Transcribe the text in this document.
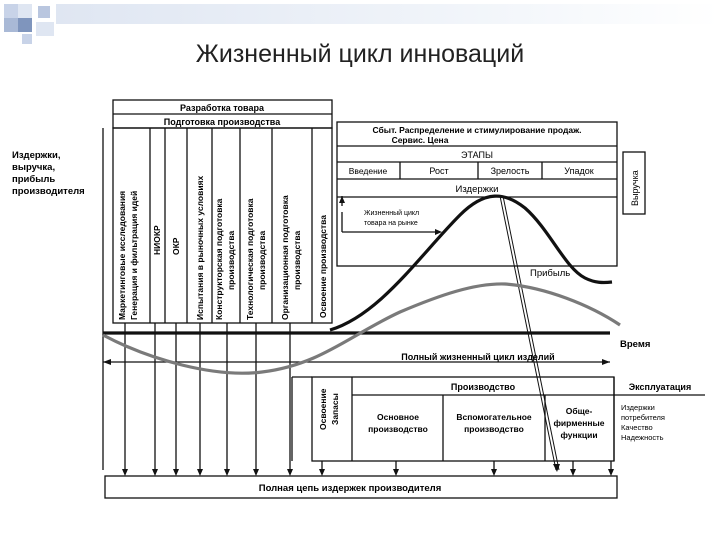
Жизненный цикл инноваций
Издержки,
выручка,
прибыль
производителя
Разработка товара
Подготовка производства
Маркетинговые исследования Генерация и фильтрация идей НИОКР ОКР Испытания в рыночных условиях Конструкторская подготовка производства Технологическая подготовка производства Организационная подготовка производства Освоение производства
Сбыт. Распределение и стимулирование продаж.
Сервис. Цена
ЭТАПЫ
Введение	Рост	Зрелость	Упадок
Издержки	Выручка
Жизненный цикл
товара на рынке
Прибыль
Время
Полный жизненный цикл изделий
Освоение Запасы
Производство	Эксплуатация
Основное
производство
Вспомогательное
производство
Обще-
фирменные
функции
Издержки
потребителя
Качество
Надежность
Полная цепь издержек производителя
